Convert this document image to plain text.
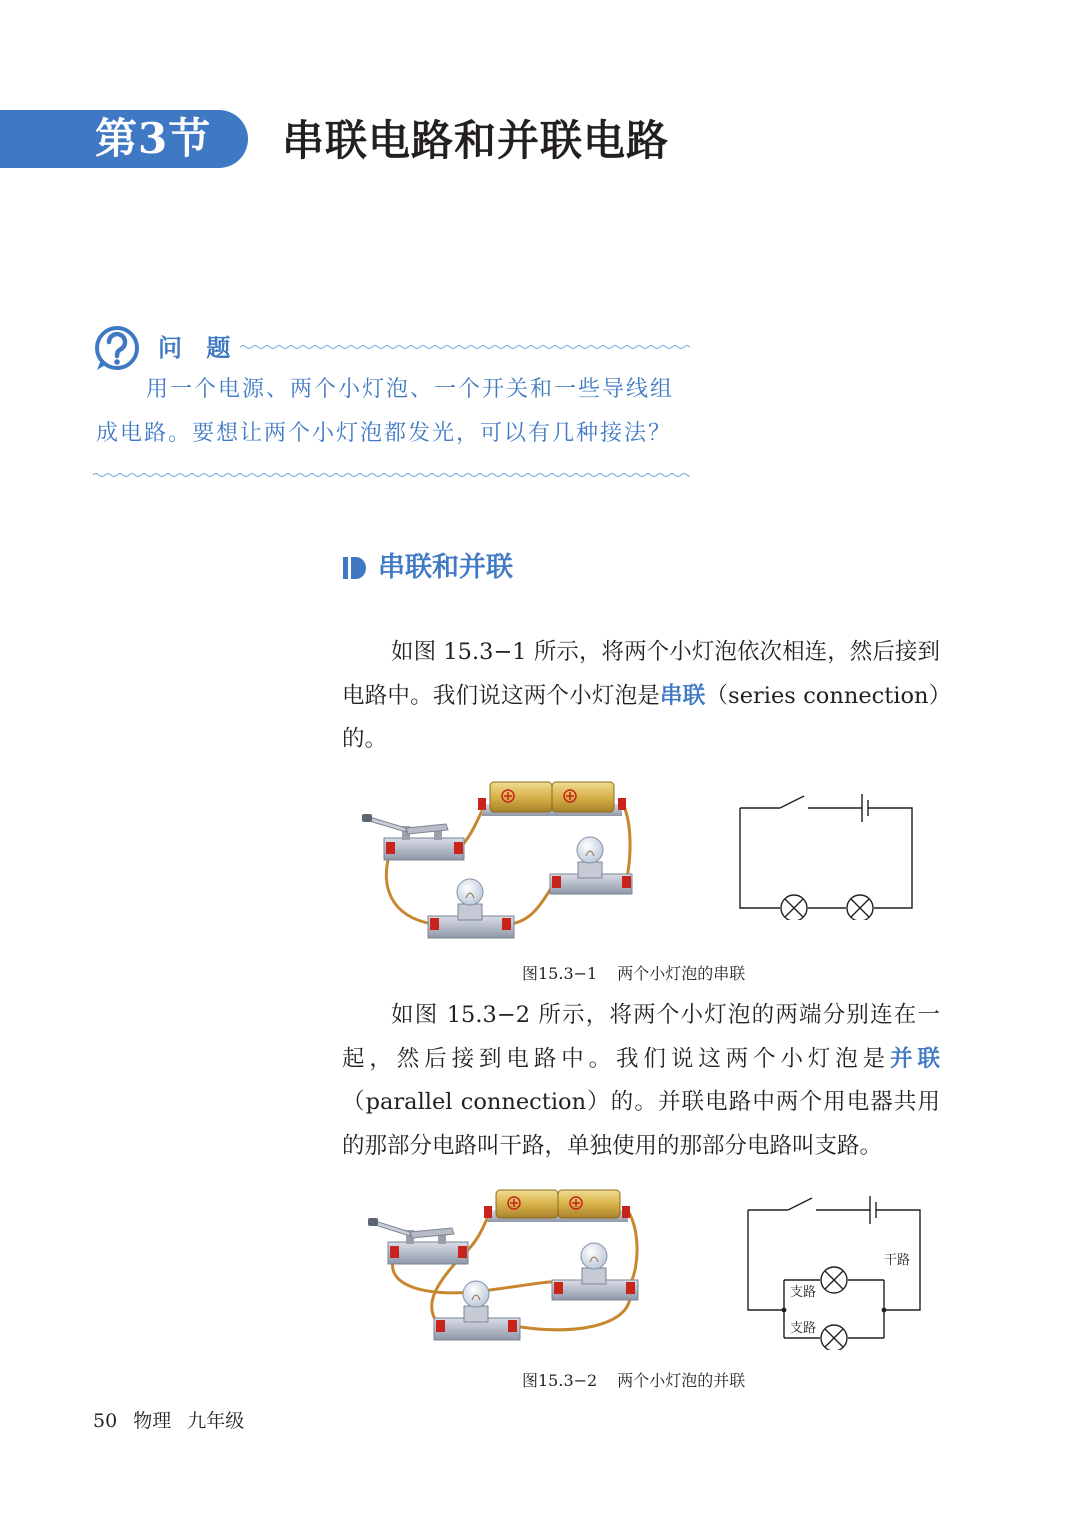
第3节 串联电路和并联电路
问 题
用一个电源、两个小灯泡、一个开关和一些导线组
成电路。要想让两个小灯泡都发光，可以有几种接法？
串联和并联
如图 15.3−1 所示，将两个小灯泡依次相连，然后接到电路中。我们说这两个小灯泡是串联（series connection）的。
图15.3−1 两个小灯泡的串联
如图 15.3−2 所示，将两个小灯泡的两端分别连在一起，然后接到电路中。我们说这两个小灯泡是并联（parallel connection）的。并联电路中两个用电器共用的那部分电路叫干路，单独使用的那部分电路叫支路。
干路
支路
支路
图15.3−2 两个小灯泡的并联
50 物理 九年级
